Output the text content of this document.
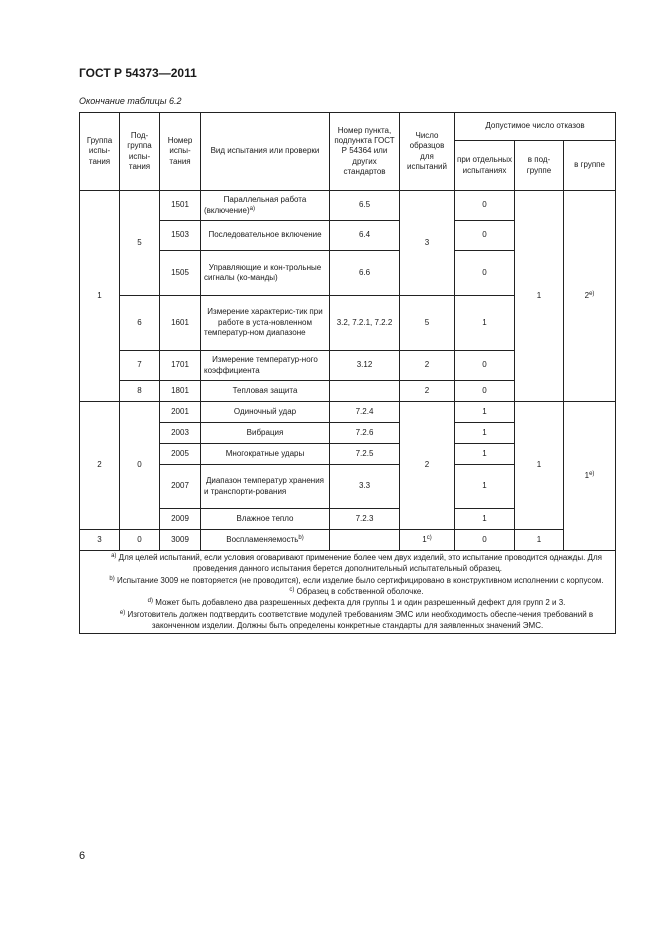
ГОСТ Р 54373—2011
Окончание таблицы 6.2
Группа испы-тания	Под-группа испы-тания	Номер испы-тания	Вид испытания или проверки	Номер пункта, подпункта ГОСТ Р 54364 или других стандартов	Число образцов для испытаний	Допустимое число отказов		
						при отдельных испытаниях	в под-группе	в группе
1	5	1501	Параллельная работа (включение)$^{a)}$	6.5	3	0	1	2$^{e)}$
		1503	Последовательное включение	6.4		0		
		1505	Управляющие и кон-трольные сигналы (ко-манды)	6.6		0		
	6	1601	Измерение характерис-тик при работе в уста-новленном температур-ном диапазоне	3.2, 7.2.1, 7.2.2	5	1		
	7	1701	Измерение температур-ного коэффициента	3.12	2	0		
	8	1801	Тепловая защита		2	0		
2	0	2001	Одиночный удар	7.2.4	2	1	1	1$^{e)}$
		2003	Вибрация	7.2.6		1		
		2005	Многократные удары	7.2.5		1		
		2007	Диапазон температур хранения и транспорти-рования	3.3		1		
		2009	Влажное тепло	7.2.3		1		
3	0	3009	Воспламеняемость$^{b)}$		1$^{c)}$	0	1	

$^{a)}$ Для целей испытаний, если условия оговаривают применение более чем двух изделий, это испытание проводится однажды. Для проведения данного испытания берется дополнительный испытательный образец.
$^{b)}$ Испытание 3009 не повторяется (не проводится), если изделие было сертифицировано в конструктивном исполнении с корпусом.
$^{c)}$ Образец в собственной оболочке.
$^{d)}$ Может быть добавлено два разрешенных дефекта для группы 1 и один разрешенный дефект для групп 2 и 3.
$^{e)}$ Изготовитель должен подтвердить соответствие модулей требованиям ЭМС или необходимость обеспе-чения требований в законченном изделии. Должны быть определены конкретные стандарты для заявленных значений ЭМС.								
6
